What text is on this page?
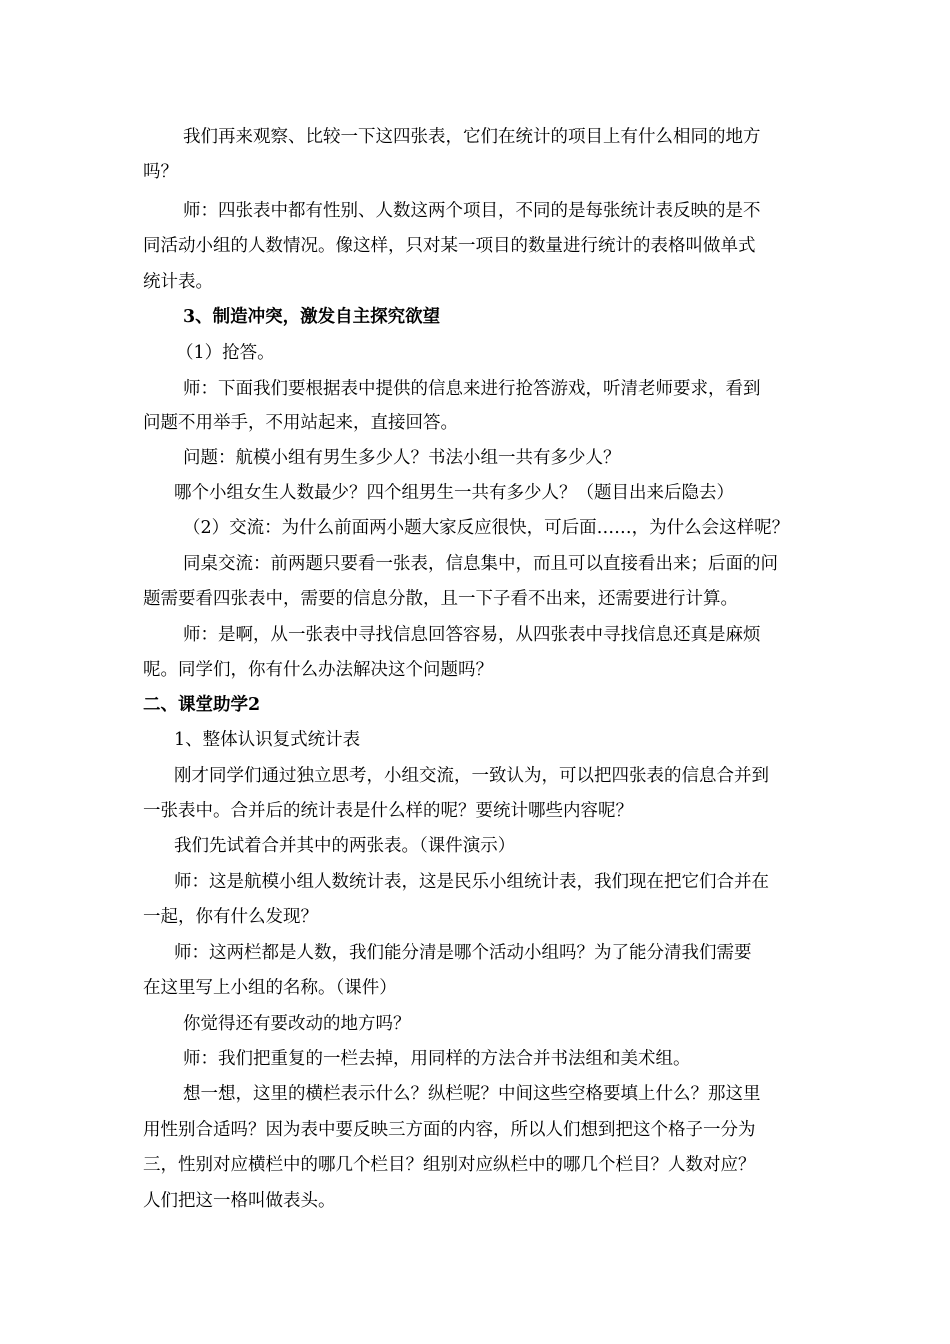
我们再来观察、比较一下这四张表，它们在统计的项目上有什么相同的地方

吗？

师：四张表中都有性别、人数这两个项目，不同的是每张统计表反映的是不

同活动小组的人数情况。像这样，只对某一项目的数量进行统计的表格叫做单式

统计表。

3、制造冲突，激发自主探究欲望

（1）抢答。

师：下面我们要根据表中提供的信息来进行抢答游戏，听清老师要求，看到

问题不用举手，不用站起来，直接回答。

问题：航模小组有男生多少人？书法小组一共有多少人？

哪个小组女生人数最少？四个组男生一共有多少人？（题目出来后隐去）

（2）交流：为什么前面两小题大家反应很快，可后面……，为什么会这样呢？

同桌交流：前两题只要看一张表，信息集中，而且可以直接看出来；后面的问

题需要看四张表中，需要的信息分散，且一下子看不出来，还需要进行计算。

师：是啊，从一张表中寻找信息回答容易，从四张表中寻找信息还真是麻烦

呢。同学们，你有什么办法解决这个问题吗？

二、课堂助学2

1、整体认识复式统计表

刚才同学们通过独立思考，小组交流，一致认为，可以把四张表的信息合并到

一张表中。合并后的统计表是什么样的呢？要统计哪些内容呢？

我们先试着合并其中的两张表。（课件演示）

师：这是航模小组人数统计表，这是民乐小组统计表，我们现在把它们合并在

一起，你有什么发现？

师：这两栏都是人数，我们能分清是哪个活动小组吗？为了能分清我们需要

在这里写上小组的名称。（课件）

你觉得还有要改动的地方吗？

师：我们把重复的一栏去掉，用同样的方法合并书法组和美术组。

想一想，这里的横栏表示什么？纵栏呢？中间这些空格要填上什么？那这里

用性别合适吗？因为表中要反映三方面的内容，所以人们想到把这个格子一分为

三，性别对应横栏中的哪几个栏目？组别对应纵栏中的哪几个栏目？人数对应？

人们把这一格叫做表头。
